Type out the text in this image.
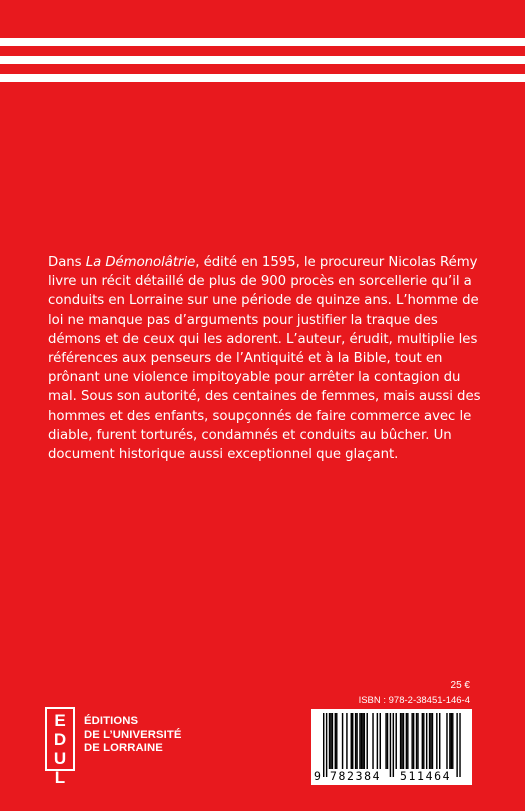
Dans La Démonolâtrie, édité en 1595, le procureur Nicolas Rémy livre un récit détaillé de plus de 900 procès en sorcellerie qu’il a conduits en Lorraine sur une période de quinze ans. L’homme de loi ne manque pas d’arguments pour justifier la traque des démons et de ceux qui les adorent. L’auteur, érudit, multiplie les références aux penseurs de l’Antiquité et à la Bible, tout en prônant une violence impitoyable pour arrêter la contagion du mal. Sous son autorité, des centaines de femmes, mais aussi des hommes et des enfants, soupçonnés de faire commerce avec le diable, furent torturés, condamnés et conduits au bûcher. Un document historique aussi exceptionnel que glaçant.

E
D
U
L
ÉDITIONS
DE L’UNIVERSITÉ
DE LORRAINE
25 €
ISBN : 978-2-38451-146-4
9 782384 511464
